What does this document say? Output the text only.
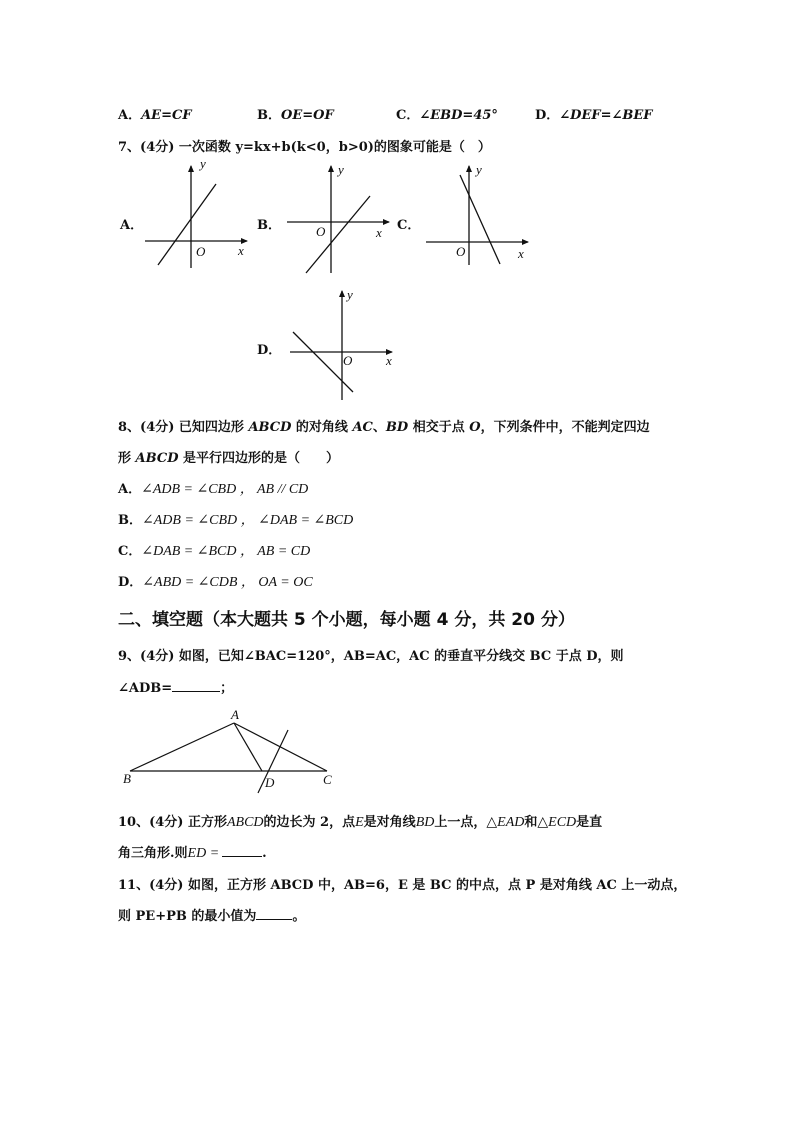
A．AE=CF	B．OE=OF	C．∠EBD=45°	D．∠DEF=∠BEF
7、(4分) 一次函数 y=kx+b(k<0，b>0)的图象可能是（　）
A．
y
x
O
B．
y
x
O	C．
y
x
O
D．
y
x
O
8、(4分) 已知四边形 ABCD 的对角线 AC、BD 相交于点 O，下列条件中，不能判定四边
形 ABCD 是平行四边形的是（　　）
A．∠ADB = ∠CBD ， AB // CD
B．∠ADB = ∠CBD ， ∠DAB = ∠BCD
C．∠DAB = ∠BCD ， AB = CD
D．∠ABD = ∠CDB ， OA = OC
二、填空题（本大题共 5 个小题，每小题 4 分，共 20 分）
9、(4分) 如图，已知∠BAC=120°，AB=AC，AC 的垂直平分线交 BC 于点 D，则
∠ADB=	；
A
B	C
D
10、(4分) 正方形ABCD的边长为 2，点E是对角线BD上一点，△EAD和△ECD是直
角三角形.则ED =	.
11、(4分) 如图，正方形 ABCD 中，AB=6，E 是 BC 的中点，点 P 是对角线 AC 上一动点，
则 PE+PB 的最小值为	。
